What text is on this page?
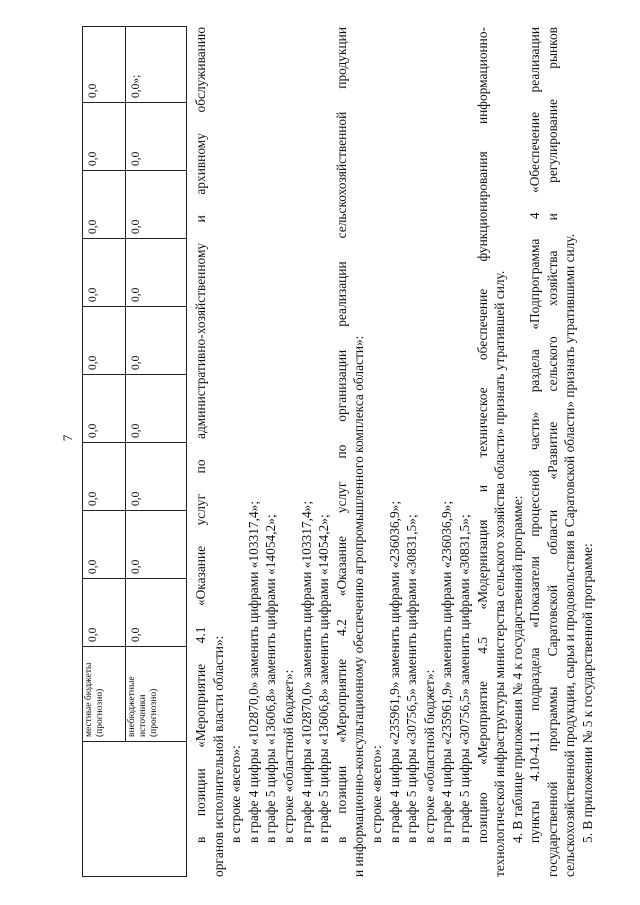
7
	местные бюджеты (прогнозно)	0,0	0,0	0,0	0,0	0,0	0,0	0,0	0,0	0,0
	внебюджетные источники (прогнозно)	0,0	0,0	0,0	0,0	0,0	0,0	0,0	0,0	0,0»;	в позиции «Мероприятие 4.1 «Оказание услуг по административно-хозяйственному и архивному обслуживанию органов исполнительной власти области»: в строке «всего»: в графе 4 цифры «102870,0» заменить цифрами «103317,4»; в графе 5 цифры «13606,8» заменить цифрами «14054,2»; в строке «областной бюджет»: в графе 4 цифры «102870,0» заменить цифрами «103317,4»; в графе 5 цифры «13606,8» заменить цифрами «14054,2»; в позиции «Мероприятие 4.2 «Оказание услуг по организации реализации сельскохозяйственной продукции и информационно-консультационному обеспечению агропромышленного комплекса области»: в строке «всего»: в графе 4 цифры «235961,9» заменить цифрами «236036,9»; в графе 5 цифры «30756,5» заменить цифрами «30831,5»; в строке «областной бюджет»: в графе 4 цифры «235961,9» заменить цифрами «236036,9»; в графе 5 цифры «30756,5» заменить цифрами «30831,5»; позицию «Мероприятие 4.5 «Модернизация и техническое обеспечение функционирования информационно- технологической инфраструктуры министерства сельского хозяйства области» признать утратившей силу. 4. В таблице приложения № 4 к государственной программе: пункты 4.10-4.11 подраздела «Показатели процессной части» раздела «Подпрограмма 4 «Обеспечение реализации государственной программы Саратовской области «Развитие сельского хозяйства и регулирование рынков сельскохозяйственной продукции, сырья и продовольствия в Саратовской области» признать утратившими силу. 5. В приложении № 5 к государственной программе:
